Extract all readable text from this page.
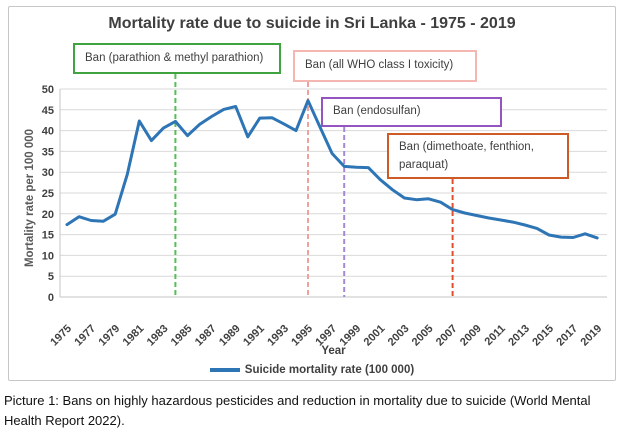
Mortality rate due to suicide in Sri Lanka - 1975 - 2019
0
5
10
15
20
25
30
35
40
45
50
1975
1977
1979
1981
1983
1985
1987
1989
1991
1993
1995
1997
1999
2001
2003
2005
2007
2009
2011
2013
2015
2017
2019
Mortality rate per 100 000
Year
Suicide mortality rate (100 000)
Ban (parathion & methyl parathion)
Ban (all WHO class I toxicity)
Ban (endosulfan)
Ban (dimethoate, fenthion, paraquat)
Picture 1: Bans on highly hazardous pesticides and reduction in mortality due to suicide (World Mental Health Report 2022).
